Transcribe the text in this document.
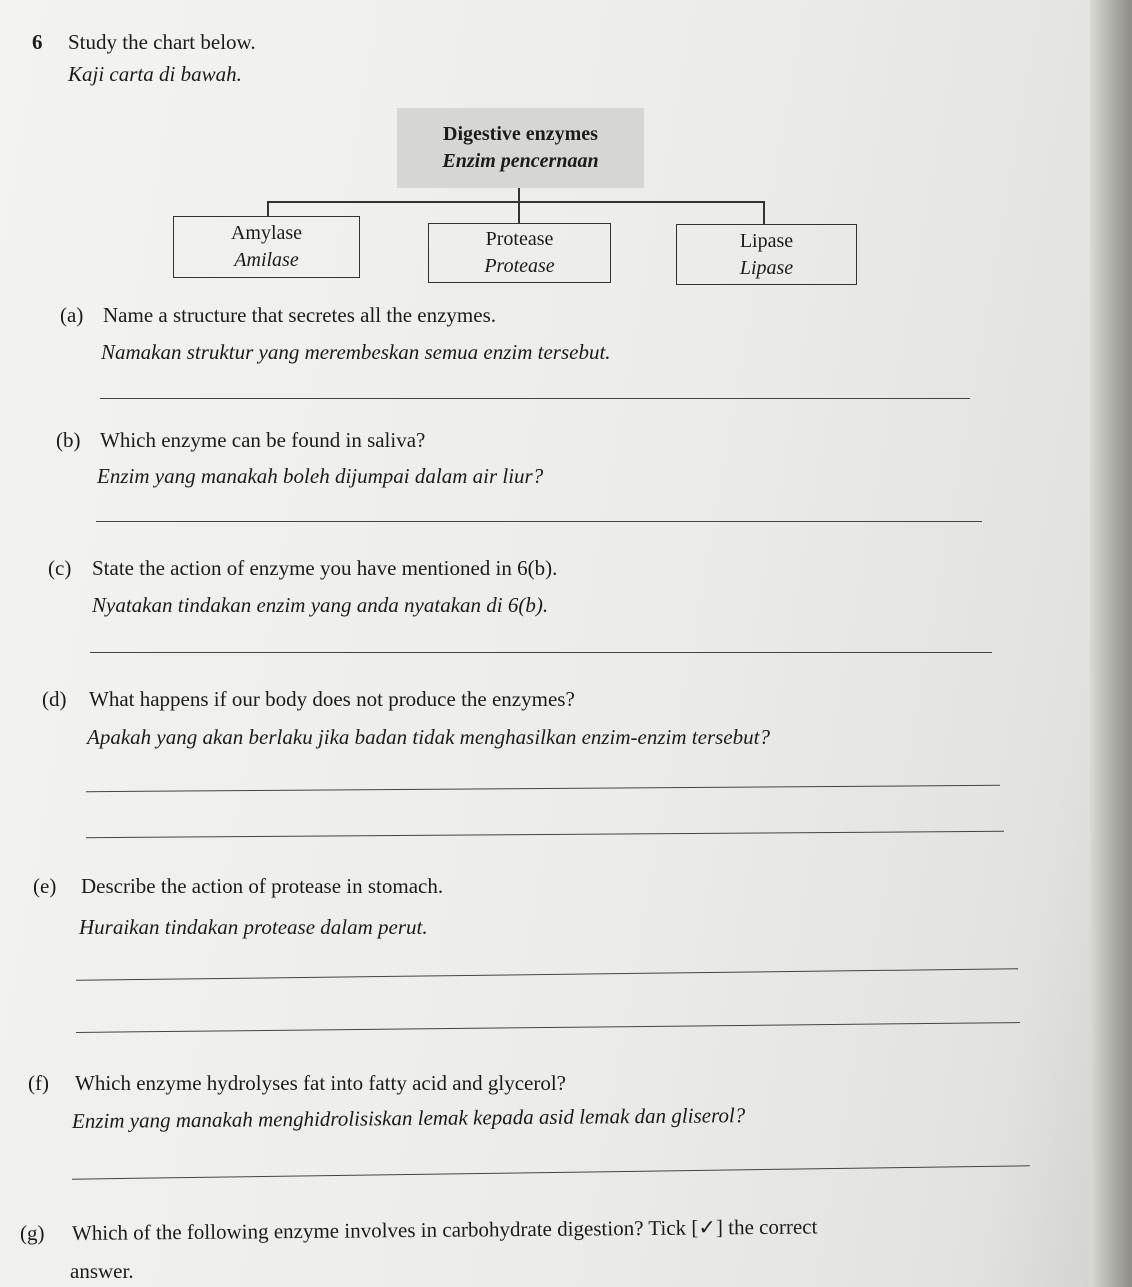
6 Study the chart below.
Kaji carta di bawah.
Digestive enzymes
Enzim pencernaan
Amylase
Amilase
Protease
Protease
Lipase
Lipase
(a) Name a structure that secretes all the enzymes.
Namakan struktur yang merembeskan semua enzim tersebut.
(b) Which enzyme can be found in saliva?
Enzim yang manakah boleh dijumpai dalam air liur?
(c) State the action of enzyme you have mentioned in 6(b).
Nyatakan tindakan enzim yang anda nyatakan di 6(b).
(d) What happens if our body does not produce the enzymes?
Apakah yang akan berlaku jika badan tidak menghasilkan enzim-enzim tersebut?
(e) Describe the action of protease in stomach.
Huraikan tindakan protease dalam perut.
(f) Which enzyme hydrolyses fat into fatty acid and glycerol?
Enzim yang manakah menghidrolisiskan lemak kepada asid lemak dan gliserol?
(g) Which of the following enzyme involves in carbohydrate digestion? Tick [✓] the correct
answer.
